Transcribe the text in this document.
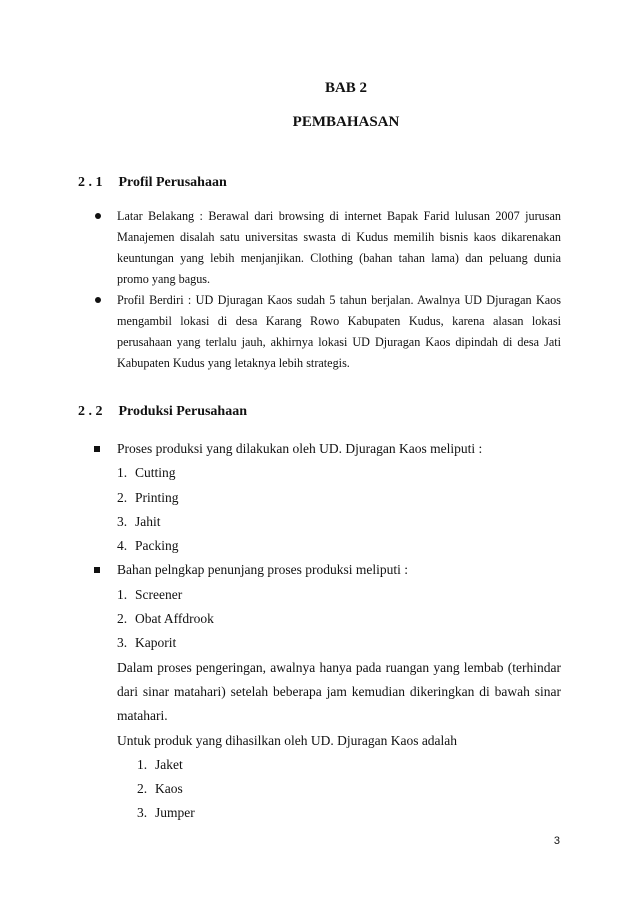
BAB 2
PEMBAHASAN
2 . 1 Profil Perusahaan
Latar Belakang : Berawal dari browsing di internet Bapak Farid lulusan 2007 jurusan Manajemen disalah satu universitas swasta di Kudus memilih bisnis kaos dikarenakan keuntungan yang lebih menjanjikan. Clothing (bahan tahan lama) dan peluang dunia promo yang bagus.
Profil Berdiri : UD Djuragan Kaos sudah 5 tahun berjalan. Awalnya UD Djuragan Kaos mengambil lokasi di desa Karang Rowo Kabupaten Kudus, karena alasan lokasi perusahaan yang terlalu jauh, akhirnya lokasi UD Djuragan Kaos dipindah di desa Jati Kabupaten Kudus yang letaknya lebih strategis.
2 . 2 Produksi Perusahaan
Proses produksi yang dilakukan oleh UD. Djuragan Kaos meliputi :
1. Cutting
2. Printing
3. Jahit
4. Packing
Bahan pelngkap penunjang proses produksi meliputi :
1. Screener
2. Obat Affdrook
3. Kaporit
Dalam proses pengeringan, awalnya hanya pada ruangan yang lembab (terhindar dari sinar matahari) setelah beberapa jam kemudian dikeringkan di bawah sinar matahari.
Untuk produk yang dihasilkan oleh UD. Djuragan Kaos adalah
1. Jaket
2. Kaos
3. Jumper
3
